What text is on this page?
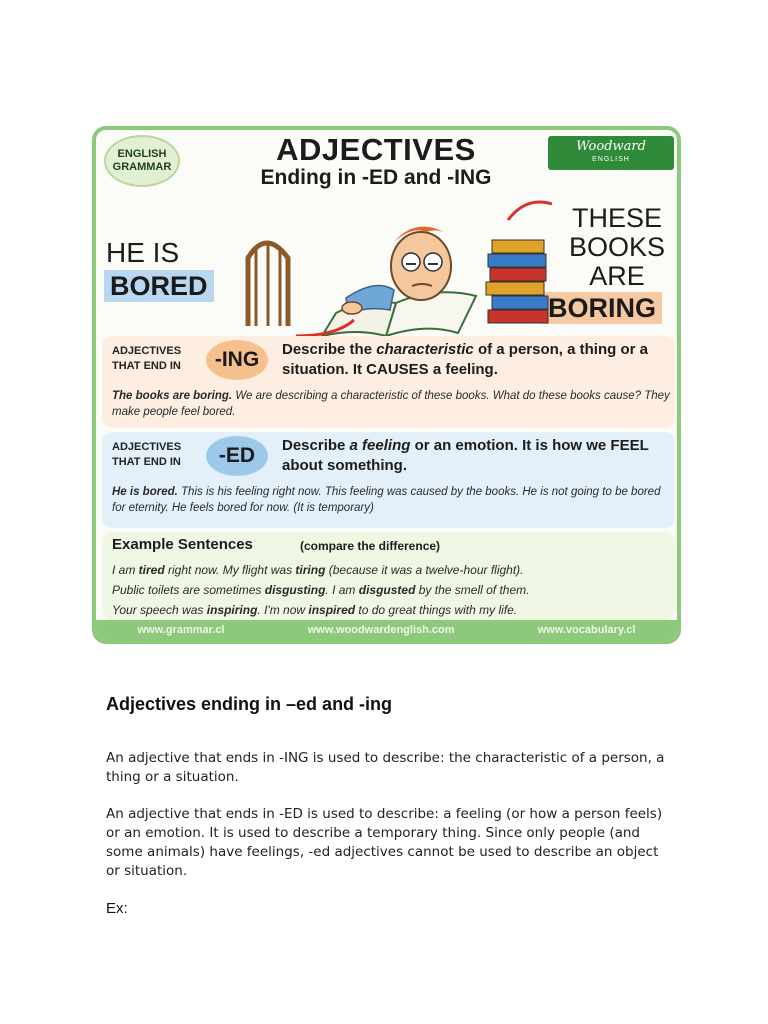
ENGLISH
GRAMMAR	ADJECTIVES
Ending in -ED and -ING
Woodward
ENGLISH
HE IS
BORED
THESE
BOOKS
ARE
BORING
ADJECTIVES
THAT END IN	-ING	Describe the characteristic of a person, a thing or a situation. It CAUSES a feeling.
The books are boring. We are describing a characteristic of these books. What do these books cause? They make people feel bored.
ADJECTIVES
THAT END IN	-ED	Describe a feeling or an emotion. It is how we FEEL about something.
He is bored. This is his feeling right now. This feeling was caused by the books. He is not going to be bored for eternity. He feels bored for now. (It is temporary)
Example Sentences	(compare the difference)
I am tired right now. My flight was tiring (because it was a twelve-hour flight).
Public toilets are sometimes disgusting. I am disgusted by the smell of them.
Your speech was inspiring. I'm now inspired to do great things with my life.
www.grammar.cl	www.woodwardenglish.com	www.vocabulary.cl
Adjectives ending in –ed and -ing

An adjective that ends in -ING is used to describe: the characteristic of a person, a thing or a situation.

An adjective that ends in -ED is used to describe: a feeling (or how a person feels) or an emotion. It is used to describe a temporary thing. Since only people (and some animals) have feelings, -ed adjectives cannot be used to describe an object or situation.

Ex:
